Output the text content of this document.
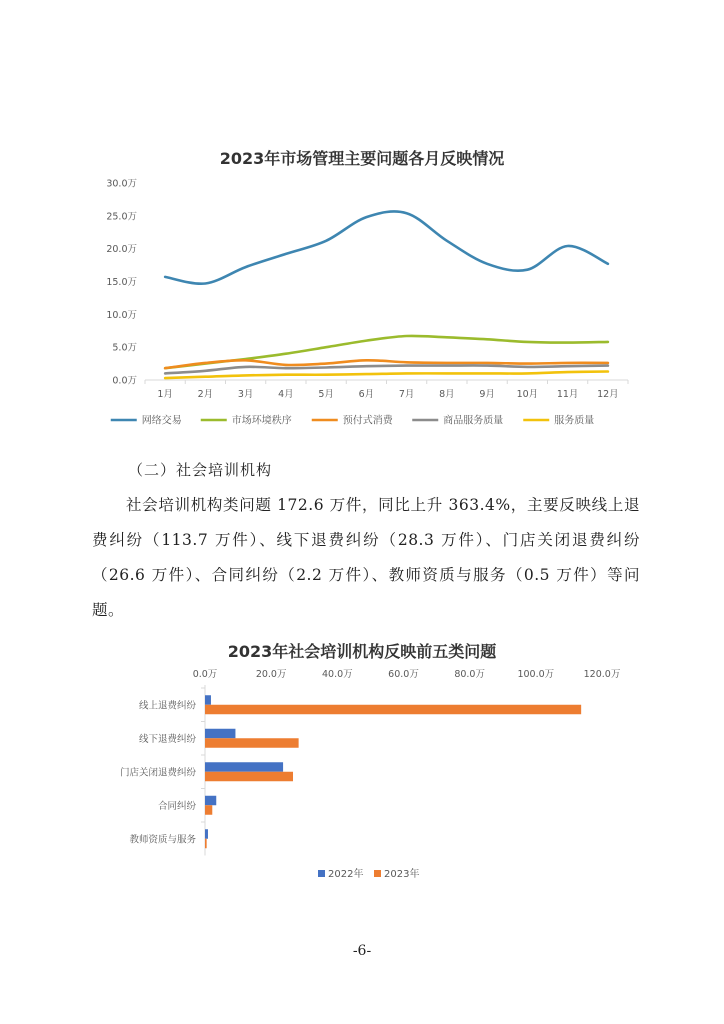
2023年市场管理主要问题各月反映情况
0.0万
5.0万
10.0万
15.0万
20.0万
25.0万
30.0万
1月	2月	3月	4月	5月	6月	7月	8月	9月 10月 11月 12月
网络交易	市场环境秩序	预付式消费	商品服务质量	服务质量
（二）社会培训机构
社会培训机构类问题 172.6 万件，同比上升 363.4%，主要反映线上退费纠纷（113.7 万件）、线下退费纠纷（28.3 万件）、门店关闭退费纠纷（26.6 万件）、合同纠纷（2.2 万件）、教师资质与服务（0.5 万件）等问题。
2023年社会培训机构反映前五类问题
0.0万	20.0万	40.0万	60.0万	80.0万	100.0万	120.0万
线上退费纠纷
线下退费纠纷
门店关闭退费纠纷
合同纠纷
教师资质与服务
2022年 2023年
-6-
